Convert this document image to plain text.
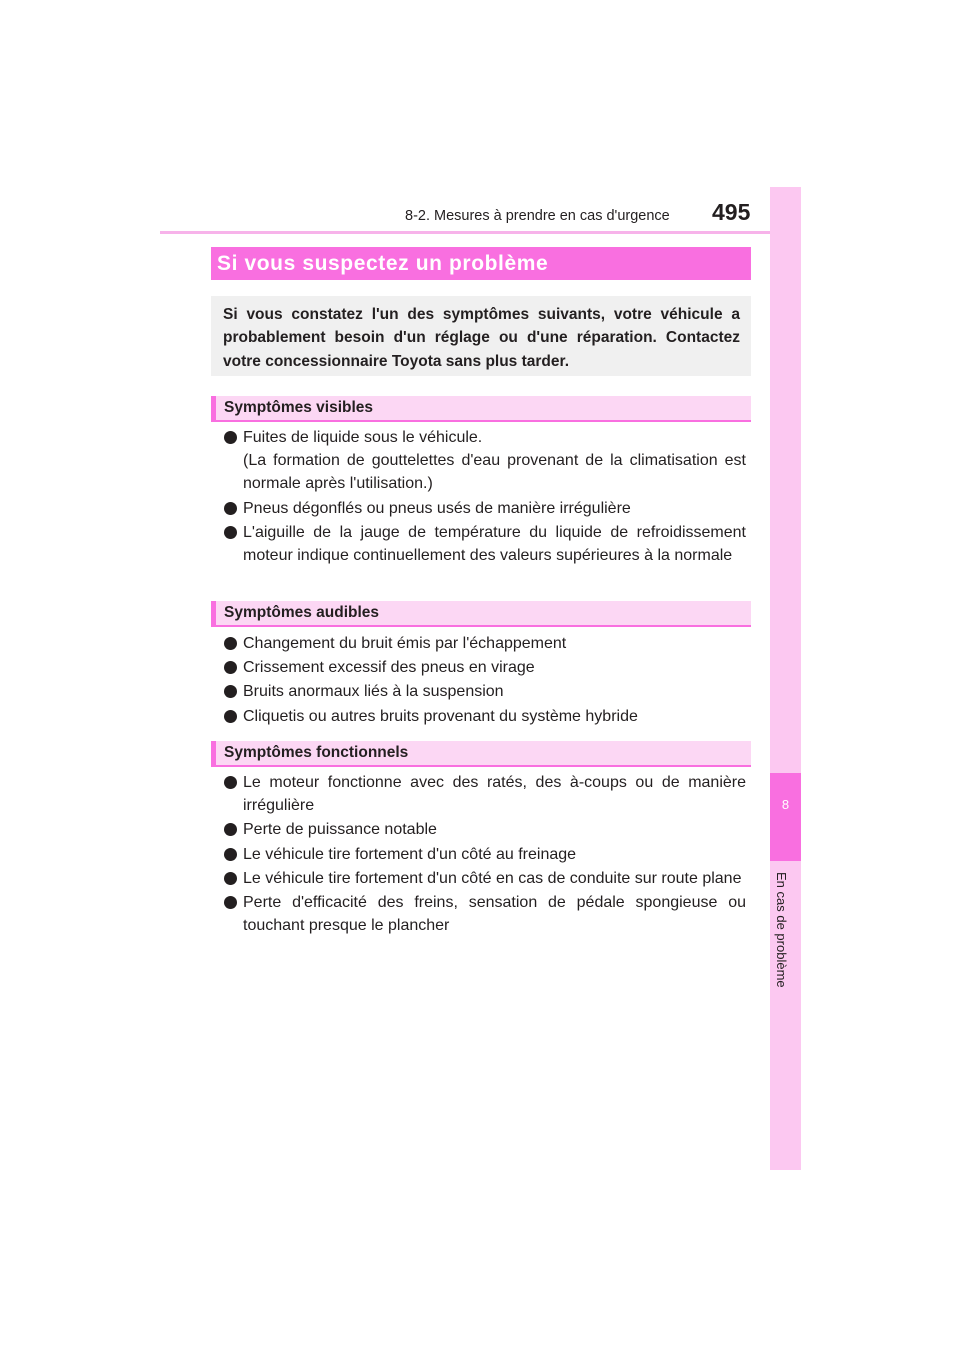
8-2. Mesures à prendre en cas d'urgence 495
8
En cas de problème
Si vous suspectez un problème
Si vous constatez l'un des symptômes suivants, votre véhicule a probablement besoin d'un réglage ou d'une réparation. Contactez votre concessionnaire Toyota sans plus tarder.
Symptômes visibles
Fuites de liquide sous le véhicule.
(La formation de gouttelettes d'eau provenant de la climatisation est normale après l'utilisation.)
Pneus dégonflés ou pneus usés de manière irrégulière
L'aiguille de la jauge de température du liquide de refroidissement moteur indique continuellement des valeurs supérieures à la normale
Symptômes audibles
Changement du bruit émis par l'échappement
Crissement excessif des pneus en virage
Bruits anormaux liés à la suspension
Cliquetis ou autres bruits provenant du système hybride
Symptômes fonctionnels
Le moteur fonctionne avec des ratés, des à-coups ou de manière irrégulière
Perte de puissance notable
Le véhicule tire fortement d'un côté au freinage
Le véhicule tire fortement d'un côté en cas de conduite sur route plane
Perte d'efficacité des freins, sensation de pédale spongieuse ou touchant presque le plancher
